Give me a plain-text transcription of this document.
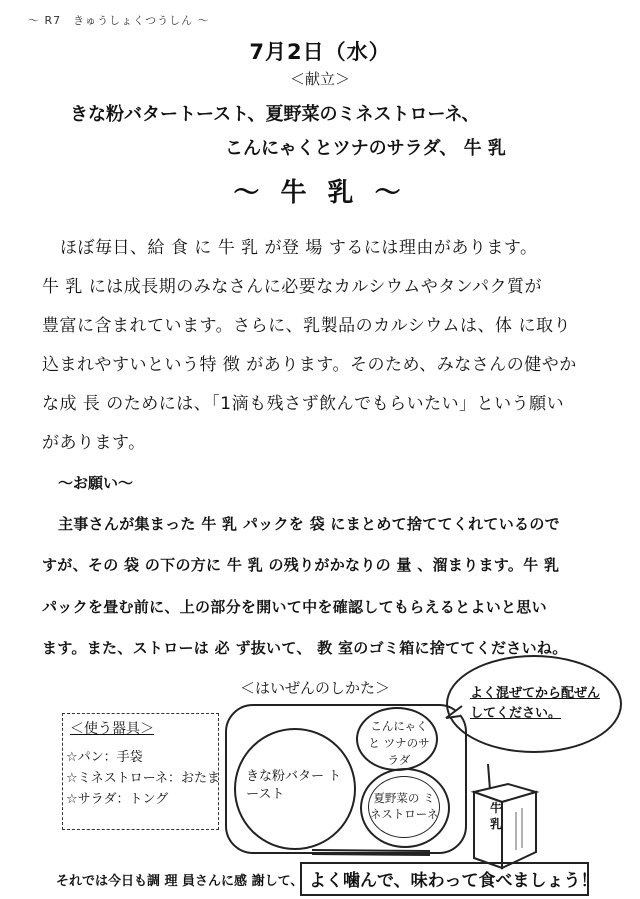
～ R7　きゅうしょくつうしん ～
7月2日（水）
＜献立＞
きな粉バタートースト、夏野菜のミネストローネ、
こんにゃくとツナのサラダ、 牛 乳
～ 牛 乳 ～
ほぼ毎日、給 食 に 牛 乳 が登 場 するには理由があります。
牛 乳 には成長期のみなさんに必要なカルシウムやタンパク質が
豊富に含まれています。さらに、乳製品のカルシウムは、体 に取り
込まれやすいという特 徴 があります。そのため、みなさんの健やか
な成 長 のためには、「1滴も残さず飲んでもらいたい」という願い
があります。
～お願い～
主事さんが集まった 牛 乳 パックを 袋 にまとめて捨ててくれているので
すが、その 袋 の下の方に 牛 乳 の残りがかなりの 量 、溜まります。牛 乳
パックを畳む前に、上の部分を開いて中を確認してもらえるとよいと思い
ます。また、ストローは 必 ず抜いて、 教 室のゴミ箱に捨ててくださいね。
＜はいぜんのしかた＞
＜使う器具＞
☆パン：手袋
☆ミネストローネ：おたま
☆サラダ：トング
きな粉バター トースト
こんにゃくと ツナのサラダ
夏野菜の ミネストローネ
よく混ぜてから配ぜんしてください。
牛 乳
それでは今日も調 理 員さんに感 謝して、 よく噛んで、味わって食べましょう！
